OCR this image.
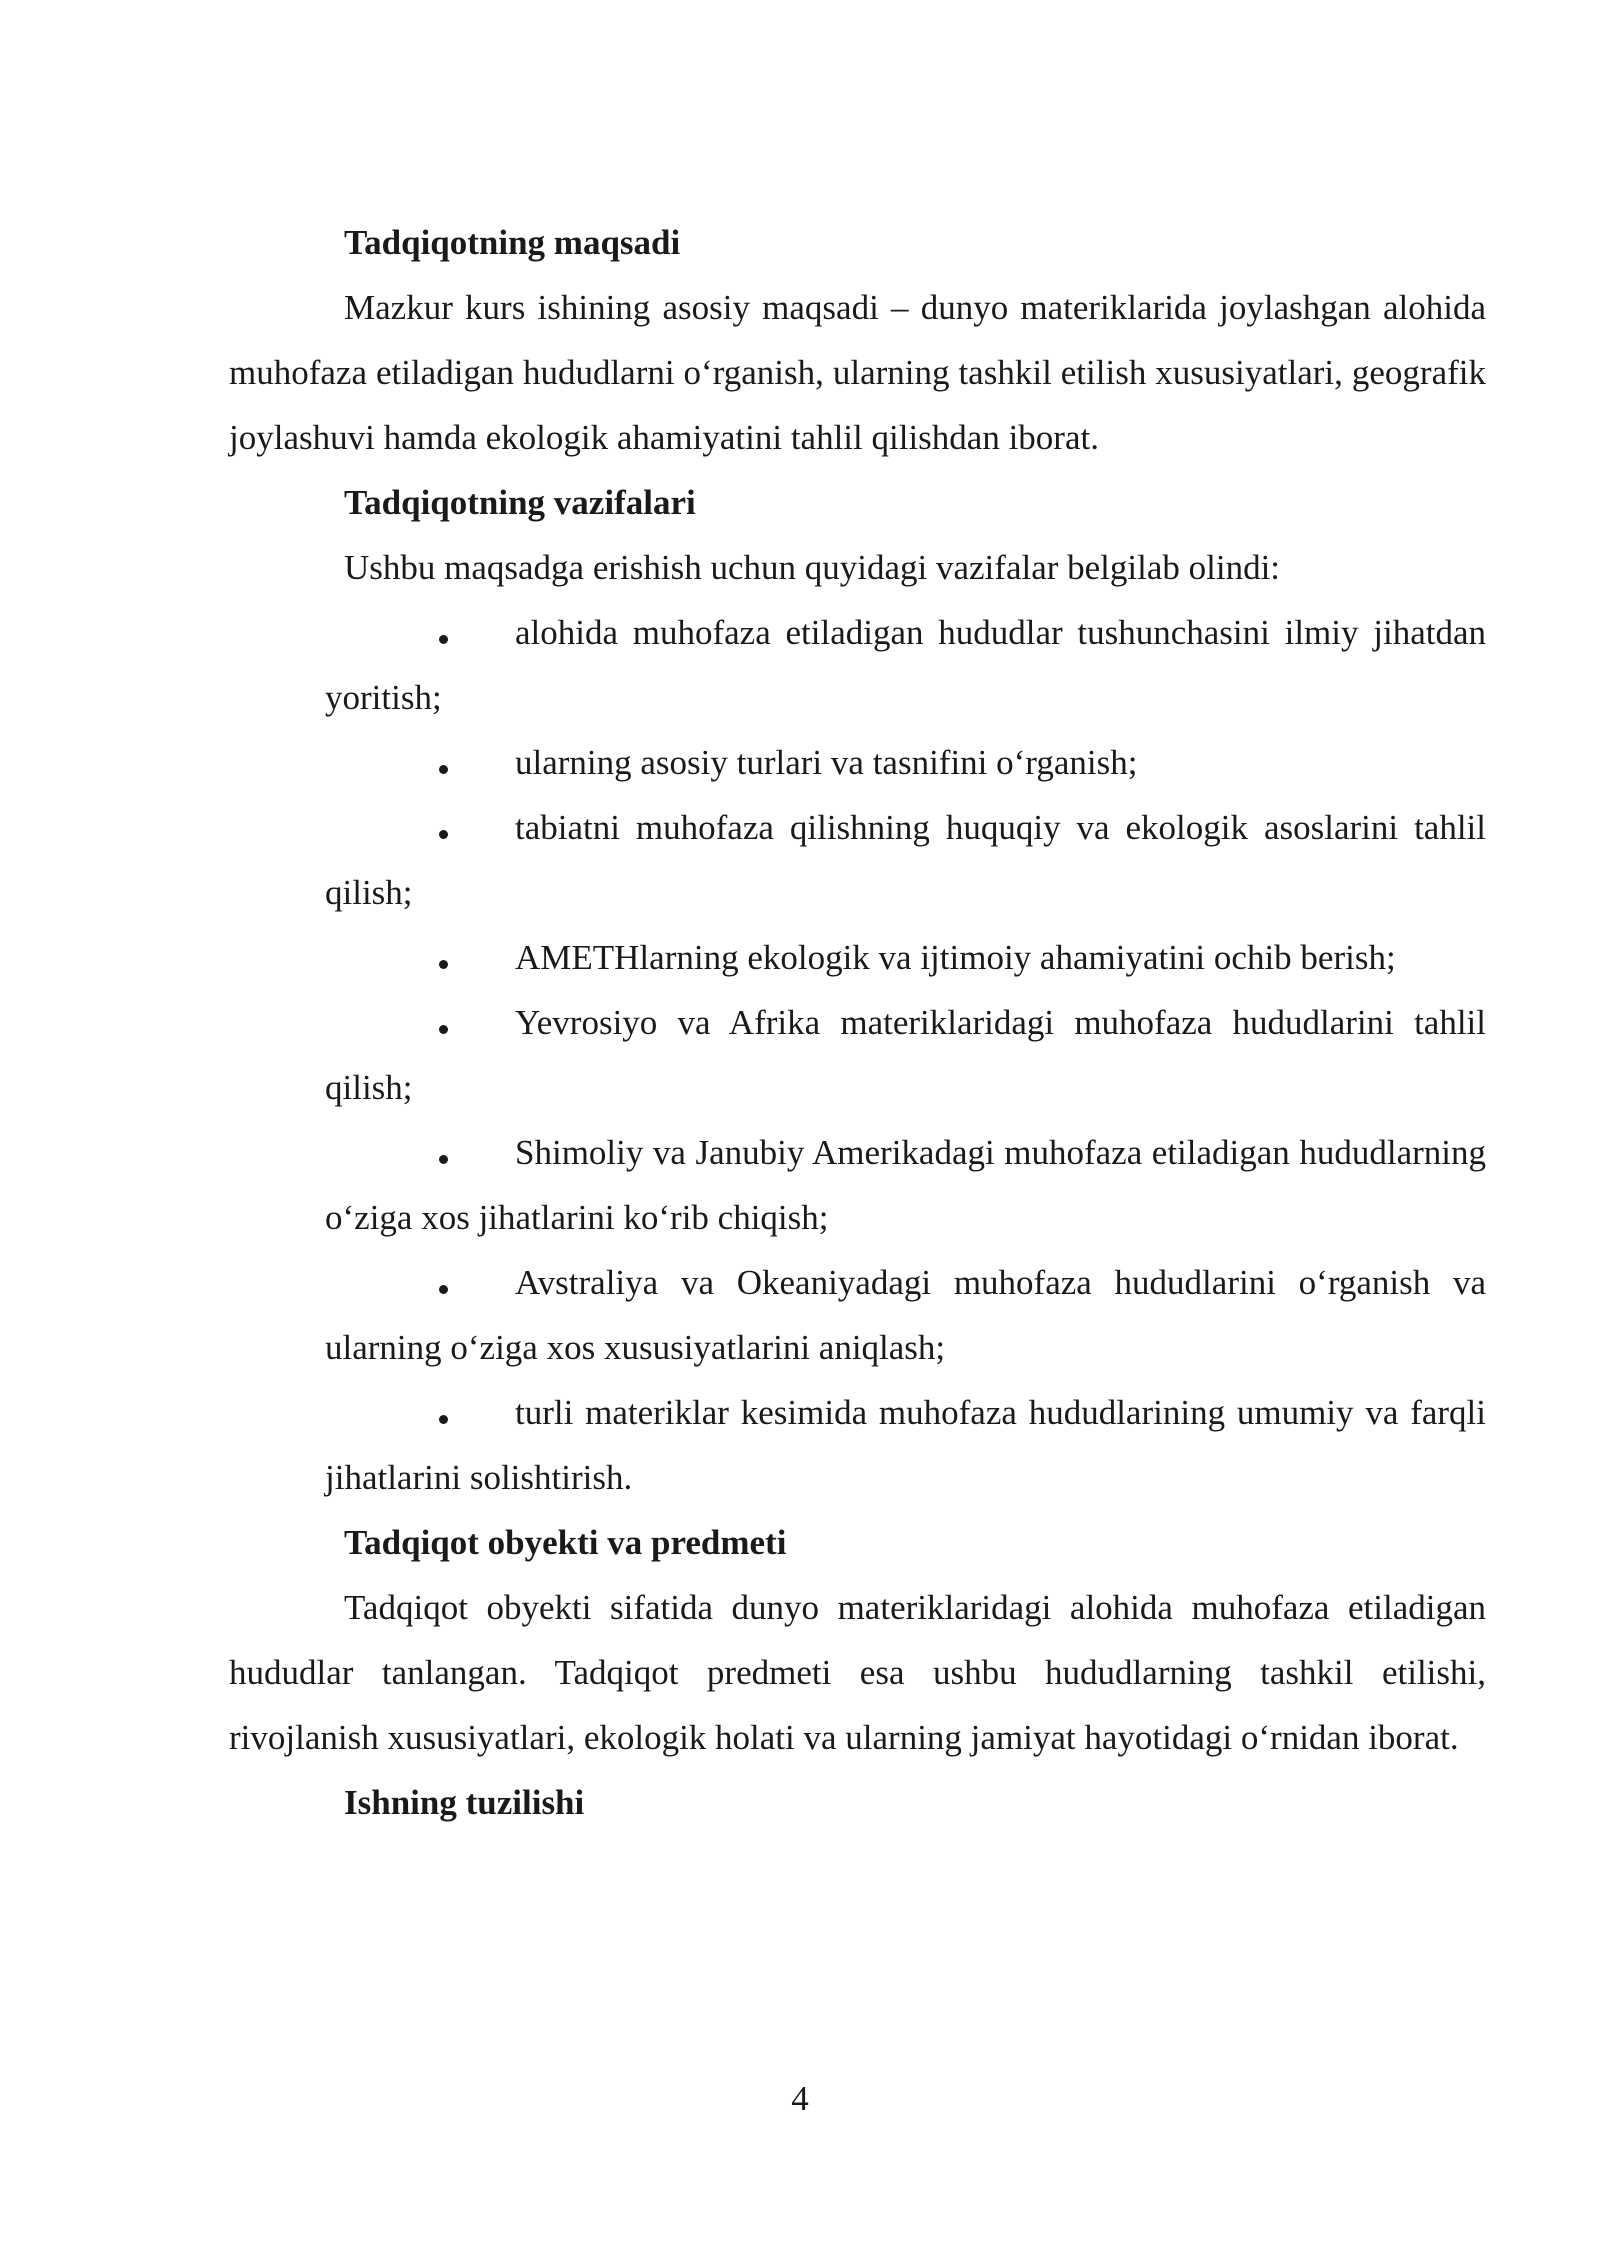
Tadqiqotning maqsadi

Mazkur kurs ishining asosiy maqsadi – dunyo materiklarida joylashgan alohida muhofaza etiladigan hududlarni o‘rganish, ularning tashkil etilish xususiyatlari, geografik joylashuvi hamda ekologik ahamiyatini tahlil qilishdan iborat.

Tadqiqotning vazifalari

Ushbu maqsadga erishish uchun quyidagi vazifalar belgilab olindi:

alohida muhofaza etiladigan hududlar tushunchasini ilmiy jihatdan yoritish;
ularning asosiy turlari va tasnifini o‘rganish;
tabiatni muhofaza qilishning huquqiy va ekologik asoslarini tahlil qilish;
AMETHlarning ekologik va ijtimoiy ahamiyatini ochib berish;
Yevrosiyo va Afrika materiklaridagi muhofaza hududlarini tahlil qilish;
Shimoliy va Janubiy Amerikadagi muhofaza etiladigan hududlarning o‘ziga xos jihatlarini ko‘rib chiqish;
Avstraliya va Okeaniyadagi muhofaza hududlarini o‘rganish va ularning o‘ziga xos xususiyatlarini aniqlash;
turli materiklar kesimida muhofaza hududlarining umumiy va farqli jihatlarini solishtirish.

Tadqiqot obyekti va predmeti

Tadqiqot obyekti sifatida dunyo materiklaridagi alohida muhofaza etiladigan hududlar tanlangan. Tadqiqot predmeti esa ushbu hududlarning tashkil etilishi, rivojlanish xususiyatlari, ekologik holati va ularning jamiyat hayotidagi o‘rnidan iborat.

Ishning tuzilishi

4
